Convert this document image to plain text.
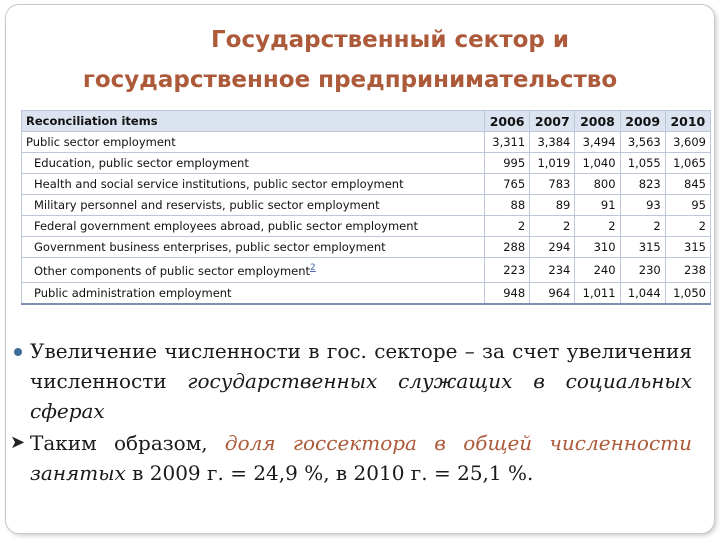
Государственный сектор и
государственное предпринимательство
Reconciliation items	2006	2007	2008	2009	2010
Public sector employment	3,311	3,384	3,494	3,563	3,609
Education, public sector employment	995	1,019	1,040	1,055	1,065
Health and social service institutions, public sector employment	765	783	800	823	845
Military personnel and reservists, public sector employment	88	89	91	93	95
Federal government employees abroad, public sector employment	2	2	2	2	2
Government business enterprises, public sector employment	288	294	310	315	315
Other components of public sector employment$^2$	223	234	240	230	238
Public administration employment	948	964	1,011	1,044	1,050
Увеличение численности в гос. секторе – за счет увеличения численности государственных служащих в социальных сферах
➤ Таким образом, доля госсектора в общей численности занятых в 2009 г. = 24,9 %, в 2010 г. = 25,1 %.
